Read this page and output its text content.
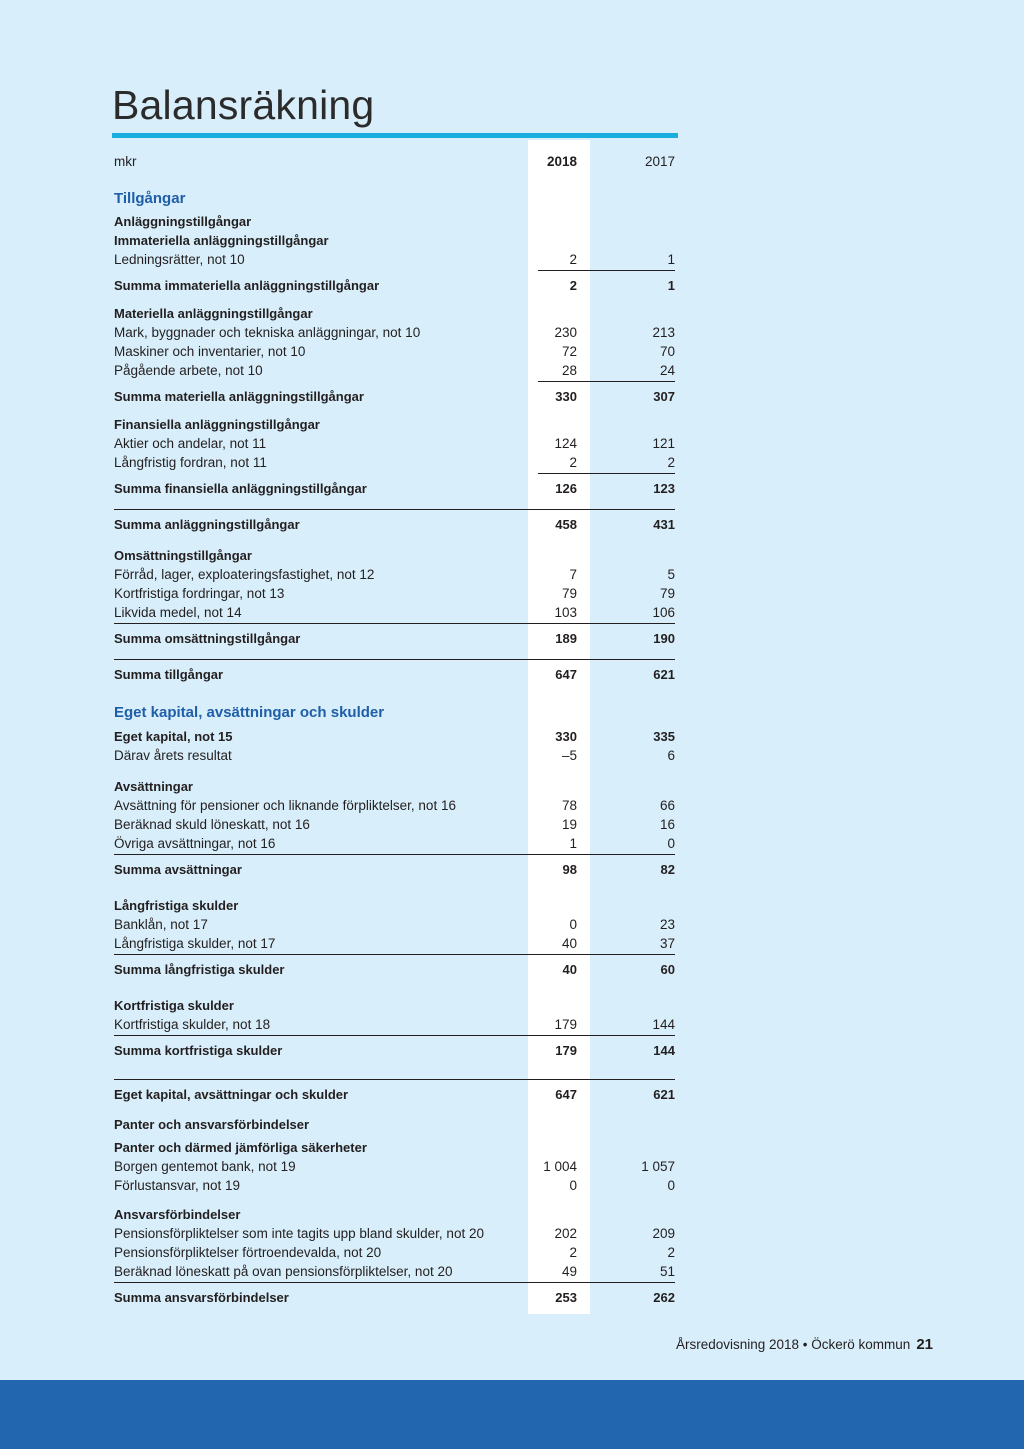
Balansräkning
mkr	2018	2017
Tillgångar
Anläggningstillgångar
Immateriella anläggningstillgångar
Ledningsrätter, not 10	2	1
Summa immateriella anläggningstillgångar	2	1
Materiella anläggningstillgångar
Mark, byggnader och tekniska anläggningar, not 10	230	213
Maskiner och inventarier, not 10	72	70
Pågående arbete, not 10	28	24
Summa materiella anläggningstillgångar	330	307
Finansiella anläggningstillgångar
Aktier och andelar, not 11	124	121
Långfristig fordran, not 11	2	2
Summa finansiella anläggningstillgångar	126	123
Summa anläggningstillgångar	458	431
Omsättningstillgångar
Förråd, lager, exploateringsfastighet, not 12	7	5
Kortfristiga fordringar, not 13	79	79
Likvida medel, not 14	103	106
Summa omsättningstillgångar	189	190
Summa tillgångar	647	621
Eget kapital, avsättningar och skulder
Eget kapital, not 15	330	335
Därav årets resultat	–5	6
Avsättningar
Avsättning för pensioner och liknande förpliktelser, not 16	78	66
Beräknad skuld löneskatt, not 16	19	16
Övriga avsättningar, not 16	1	0
Summa avsättningar	98	82
Långfristiga skulder
Banklån, not 17	0	23
Långfristiga skulder, not 17	40	37
Summa långfristiga skulder	40	60
Kortfristiga skulder
Kortfristiga skulder, not 18	179	144
Summa kortfristiga skulder	179	144
Eget kapital, avsättningar och skulder	647	621
Panter och ansvarsförbindelser
Panter och därmed jämförliga säkerheter
Borgen gentemot bank, not 19	1 004	1 057
Förlustansvar, not 19	0	0
Ansvarsförbindelser
Pensionsförpliktelser som inte tagits upp bland skulder, not 20	202	209
Pensionsförpliktelser förtroendevalda, not 20	2	2
Beräknad löneskatt på ovan pensionsförpliktelser, not 20	49	51
Summa ansvarsförbindelser	253	262
Årsredovisning 2018 • Öckerö kommun 21
